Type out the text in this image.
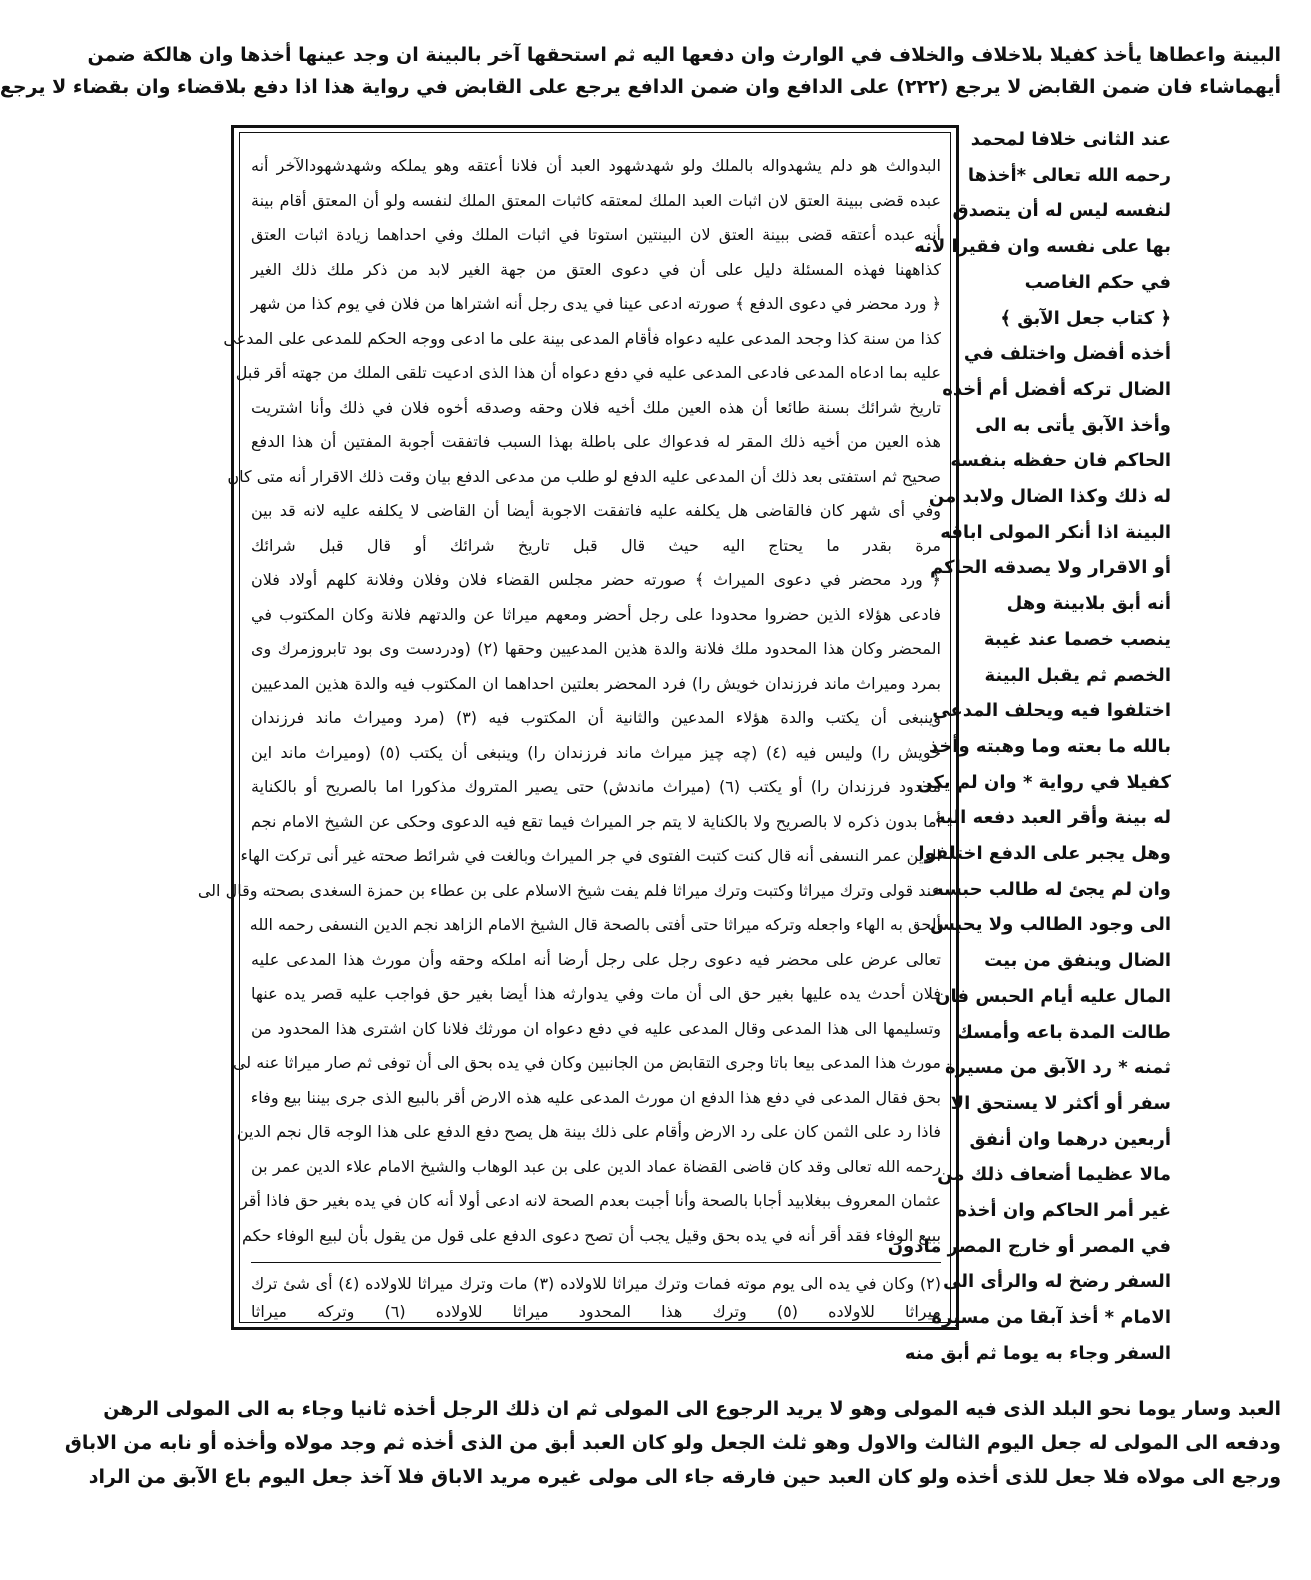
البينة واعطاها يأخذ كفيلا بلاخلاف والخلاف في الوارث وان دفعها اليه ثم استحقها آخر بالبينة ان وجد عينها أخذها وان هالكة ضمن
أيهماشاء فان ضمن القابض لا يرجع (٢٢٢) على الدافع وان ضمن الدافع يرجع على القابض في رواية هذا اذا دفع بلاقضاء وان بقضاء لا يرجع
البدوالث هو دلم يشهدواله بالملك ولو شهدشهود العبد أن فلانا أعتقه وهو يملكه وشهدشهودالآخر أنه
عبده قضى ببينة العتق لان اثبات العبد الملك لمعتقه كاثبات المعتق الملك لنفسه ولو أن المعتق أقام بينة
أنه عبده أعتقه قضى ببينة العتق لان البينتين استوتا في اثبات الملك وفي احداهما زيادة اثبات العتق
كذاههنا فهذه المسئلة دليل على أن في دعوى العتق من جهة الغير لابد من ذكر ملك ذلك الغير
﴿ ورد محضر في دعوى الدفع ﴾ صورته ادعى عينا في يدى رجل أنه اشتراها من فلان في يوم كذا من شهر
كذا من سنة كذا وجحد المدعى عليه دعواه فأقام المدعى بينة على ما ادعى ووجه الحكم للمدعى على المدعى
عليه بما ادعاه المدعى فادعى المدعى عليه في دفع دعواه أن هذا الذى ادعيت تلقى الملك من جهته أقر قبل
تاريخ شرائك بسنة طائعا أن هذه العين ملك أخيه فلان وحقه وصدقه أخوه فلان في ذلك وأنا اشتريت
هذه العين من أخيه ذلك المقر له فدعواك على باطلة بهذا السبب فاتفقت أجوبة المفتين أن هذا الدفع
صحيح ثم استفتى بعد ذلك أن المدعى عليه الدفع لو طلب من مدعى الدفع بيان وقت ذلك الاقرار أنه متى كان
وفي أى شهر كان فالقاضى هل يكلفه عليه فاتفقت الاجوبة أيضا أن القاضى لا يكلفه عليه لانه قد بين
مرة بقدر ما يحتاج اليه حيث قال قبل تاريخ شرائك أو قال قبل شرائك
﴿ ورد محضر في دعوى الميراث ﴾ صورته حضر مجلس القضاء فلان وفلان وفلانة كلهم أولاد فلان
فادعى هؤلاء الذين حضروا محدودا على رجل أحضر ومعهم ميراثا عن والدتهم فلانة وكان المكتوب في
المحضر وكان هذا المحدود ملك فلانة والدة هذين المدعيين وحقها (٢) (ودردست وى بود تابروزمرك وى
بمرد وميراث ماند فرزندان خويش را) فرد المحضر بعلتين احداهما ان المكتوب فيه والدة هذين المدعيين
وينبغى أن يكتب والدة هؤلاء المدعين والثانية أن المكتوب فيه (٣) (مرد وميراث ماند فرزندان
خويش را) وليس فيه (٤) (چه چيز ميراث ماند فرزندان را) وينبغى أن يكتب (٥) (وميراث ماند اين
محدود فرزندان را) أو يكتب (٦) (ميراث ماندش) حتى يصير المتروك مذكورا اما بالصريح أو بالكناية
أما بدون ذكره لا بالصريح ولا بالكناية لا يتم جر الميراث فيما تقع فيه الدعوى وحكى عن الشيخ الامام نجم
الدين عمر النسفى أنه قال كنت كتبت الفتوى في جر الميراث وبالغت في شرائط صحته غير أنى تركت الهاء
عند قولى وترك ميراثا وكتبت وترك ميراثا فلم يفت شيخ الاسلام على بن عطاء بن حمزة السغدى بصحته وقال الى
ألحق به الهاء واجعله وتركه ميراثا حتى أفتى بالصحة قال الشيخ الامام الزاهد نجم الدين النسفى رحمه الله
تعالى عرض على محضر فيه دعوى رجل على رجل أرضا أنه املكه وحقه وأن مورث هذا المدعى عليه
فلان أحدث يده عليها بغير حق الى أن مات وفي يدوارثه هذا أيضا بغير حق فواجب عليه قصر يده عنها
وتسليمها الى هذا المدعى وقال المدعى عليه في دفع دعواه ان مورثك فلانا كان اشترى هذا المحدود من
مورث هذا المدعى بيعا باتا وجرى التقابض من الجانبين وكان في يده بحق الى أن توفى ثم صار ميراثا عنه لى
بحق فقال المدعى في دفع هذا الدفع ان مورث المدعى عليه هذه الارض أقر بالبيع الذى جرى بيننا بيع وفاء
فاذا رد على الثمن كان على رد الارض وأقام على ذلك بينة هل يصح دفع الدفع على هذا الوجه قال نجم الدين
رحمه الله تعالى وقد كان قاضى القضاة عماد الدين على بن عبد الوهاب والشيخ الامام علاء الدين عمر بن
عثمان المعروف ببغلابيد أجابا بالصحة وأنا أجبت بعدم الصحة لانه ادعى أولا أنه كان في يده بغير حق فاذا أقر
ببيع الوفاء فقد أقر أنه في يده بحق وقيل يجب أن تصح دعوى الدفع على قول من يقول بأن لبيع الوفاء حكم
(٢) وكان في يده الى يوم موته فمات وترك ميراثا للاولاده (٣) مات وترك ميراثا للاولاده (٤) أى شئ ترك
ميراثا للاولاده (٥) وترك هذا المحدود ميراثا للاولاده (٦) وتركه ميراثا
عند الثانى خلافا لمحمد
رحمه الله تعالى *أخذها
لنفسه ليس له أن يتصدق
بها على نفسه وان فقيرا لانه
في حكم الغاصب
﴿ كتاب جعل الآبق ﴾
أخذه أفضل واختلف في
الضال تركه أفضل أم أخذه
وأخذ الآبق يأتى به الى
الحاكم فان حفظه بنفسه
له ذلك وكذا الضال ولابد من
البينة اذا أنكر المولى اباقه
أو الاقرار ولا يصدقه الحاكم
أنه أبق بلابينة وهل
ينصب خصما عند غيبة
الخصم ثم يقبل البينة
اختلفوا فيه ويحلف المدعى
بالله ما بعته وما وهبته وأخذ
كفيلا في رواية * وان لم يكن
له بينة وأقر العبد دفعه اليه
وهل يجبر على الدفع اختلفوا
وان لم يجئ له طالب حبسه
الى وجود الطالب ولا يحبس
الضال وينفق من بيت
المال عليه أيام الحبس فان
طالت المدة باعه وأمسك
ثمنه * رد الآبق من مسيرة
سفر أو أكثر لا يستحق الا
أربعين درهما وان أنفق
مالا عظيما أضعاف ذلك من
غير أمر الحاكم وان أخذه
في المصر أو خارج المصر مادون
السفر رضخ له والرأى الى
الامام * أخذ آبقا من مسيرة
السفر وجاء به يوما ثم أبق منه
العبد وسار يوما نحو البلد الذى فيه المولى وهو لا يريد الرجوع الى المولى ثم ان ذلك الرجل أخذه ثانيا وجاء به الى المولى الرهن
ودفعه الى المولى له جعل اليوم الثالث والاول وهو ثلث الجعل ولو كان العبد أبق من الذى أخذه ثم وجد مولاه وأخذه أو نابه من الاباق
ورجع الى مولاه فلا جعل للذى أخذه ولو كان العبد حين فارقه جاء الى مولى غيره مريد الاباق فلا آخذ جعل اليوم باع الآبق من الراد
